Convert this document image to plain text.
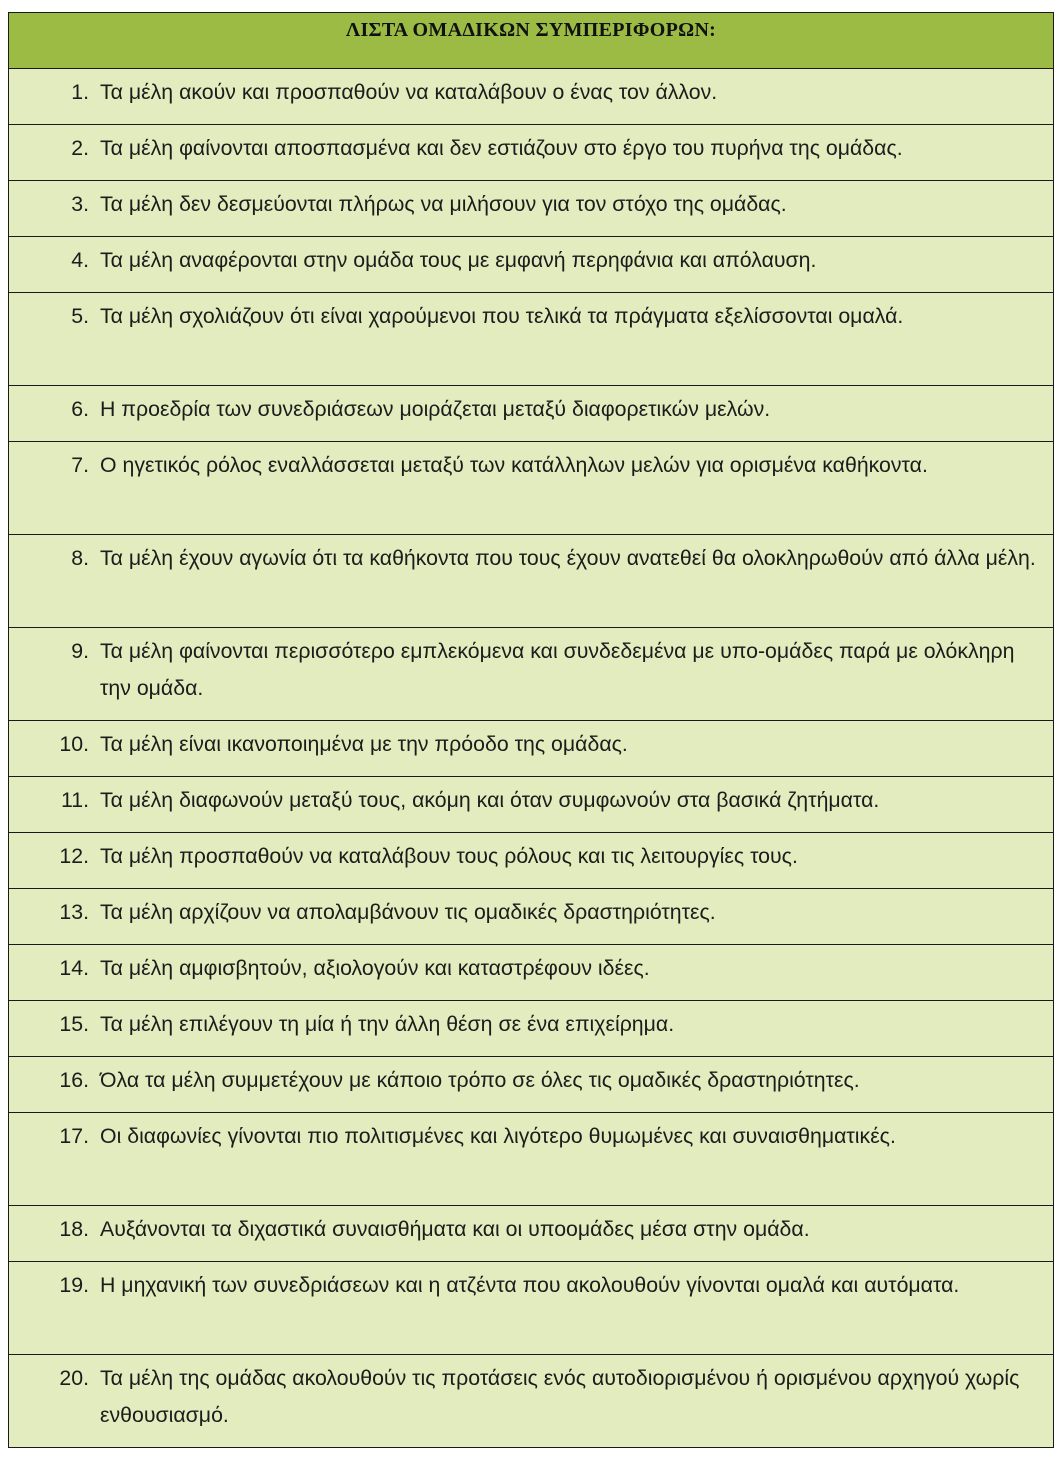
ΛΙΣΤΑ ΟΜΑΔΙΚΩΝ ΣΥΜΠΕΡΙΦΟΡΩΝ:

1. Τα μέλη ακούν και προσπαθούν να καταλάβουν ο ένας τον άλλον.

2. Τα μέλη φαίνονται αποσπασμένα και δεν εστιάζουν στο έργο του πυρήνα της ομάδας.

3. Τα μέλη δεν δεσμεύονται πλήρως να μιλήσουν για τον στόχο της ομάδας.

4. Τα μέλη αναφέρονται στην ομάδα τους με εμφανή περηφάνια και απόλαυση.

5. Τα μέλη σχολιάζουν ότι είναι χαρούμενοι που τελικά τα πράγματα εξελίσσονται ομαλά.

6. Η προεδρία των συνεδριάσεων μοιράζεται μεταξύ διαφορετικών μελών.

7. Ο ηγετικός ρόλος εναλλάσσεται μεταξύ των κατάλληλων μελών για ορισμένα καθήκοντα.

8. Τα μέλη έχουν αγωνία ότι τα καθήκοντα που τους έχουν ανατεθεί θα ολοκληρωθούν από άλλα μέλη.

9. Τα μέλη φαίνονται περισσότερο εμπλεκόμενα και συνδεδεμένα με υπο-ομάδες παρά με ολόκληρη την ομάδα.

10. Τα μέλη είναι ικανοποιημένα με την πρόοδο της ομάδας.

11. Τα μέλη διαφωνούν μεταξύ τους, ακόμη και όταν συμφωνούν στα βασικά ζητήματα.

12. Τα μέλη προσπαθούν να καταλάβουν τους ρόλους και τις λειτουργίες τους.

13. Τα μέλη αρχίζουν να απολαμβάνουν τις ομαδικές δραστηριότητες.

14. Τα μέλη αμφισβητούν, αξιολογούν και καταστρέφουν ιδέες.

15. Τα μέλη επιλέγουν τη μία ή την άλλη θέση σε ένα επιχείρημα.

16. Όλα τα μέλη συμμετέχουν με κάποιο τρόπο σε όλες τις ομαδικές δραστηριότητες.

17. Οι διαφωνίες γίνονται πιο πολιτισμένες και λιγότερο θυμωμένες και συναισθηματικές.

18. Αυξάνονται τα διχαστικά συναισθήματα και οι υποομάδες μέσα στην ομάδα.

19. Η μηχανική των συνεδριάσεων και η ατζέντα που ακολουθούν γίνονται ομαλά και αυτόματα.

20. Τα μέλη της ομάδας ακολουθούν τις προτάσεις ενός αυτοδιορισμένου ή ορισμένου αρχηγού χωρίς ενθουσιασμό.
